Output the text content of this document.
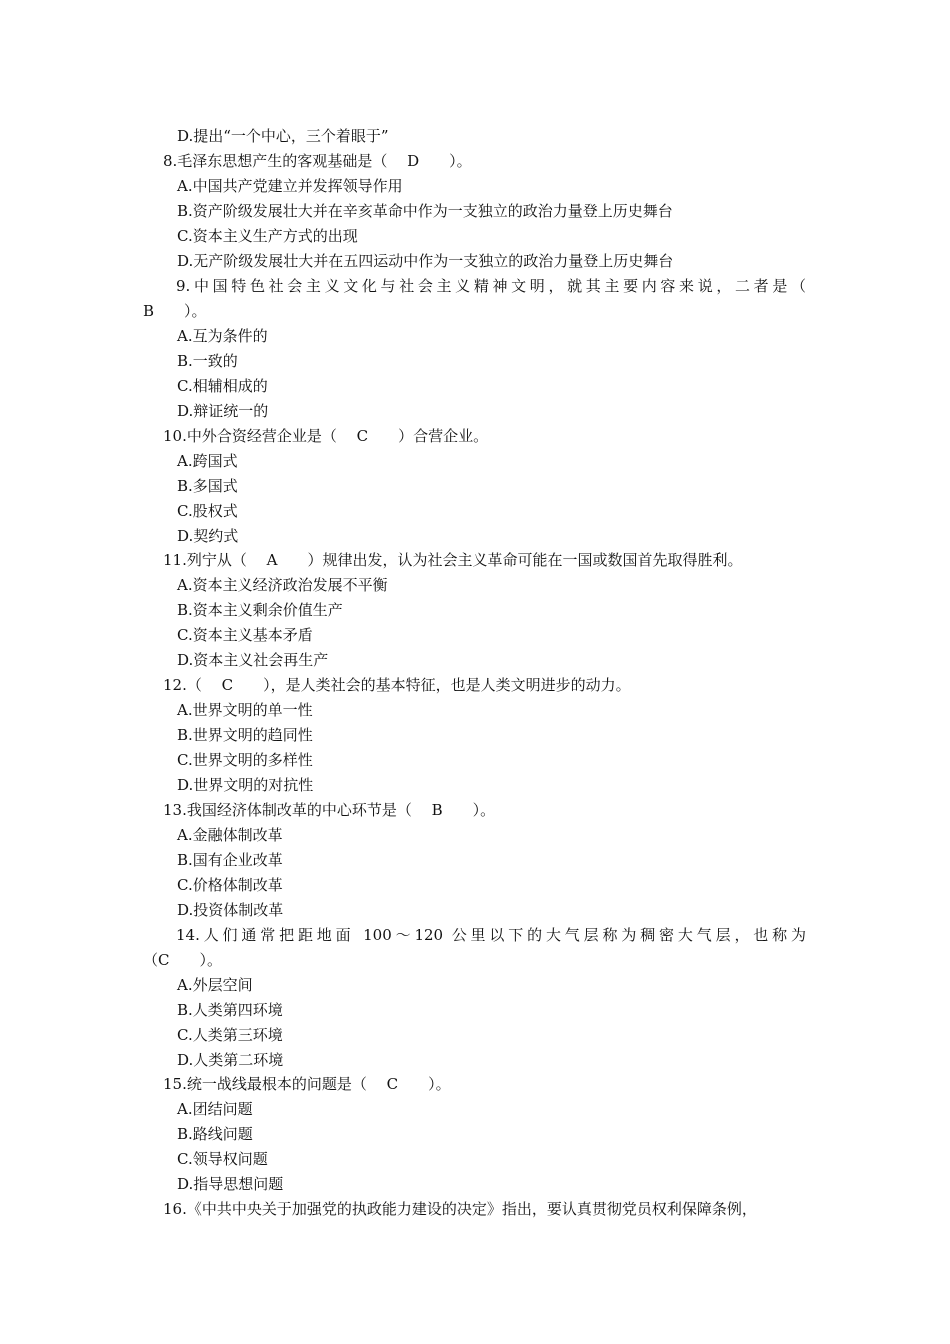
D.提出“一个中心，三个着眼于”
8.毛泽东思想产生的客观基础是（　 D　　）。
A.中国共产党建立并发挥领导作用
B.资产阶级发展壮大并在辛亥革命中作为一支独立的政治力量登上历史舞台
C.资本主义生产方式的出现
D.无产阶级发展壮大并在五四运动中作为一支独立的政治力量登上历史舞台
9.中国特色社会主义文化与社会主义精神文明，就其主要内容来说，二者是（
B　　）。
A.互为条件的
B.一致的
C.相辅相成的
D.辩证统一的
10.中外合资经营企业是（　 C　　）合营企业。
A.跨国式
B.多国式
C.股权式
D.契约式
11.列宁从（　 A　　）规律出发，认为社会主义革命可能在一国或数国首先取得胜利。
A.资本主义经济政治发展不平衡
B.资本主义剩余价值生产
C.资本主义基本矛盾
D.资本主义社会再生产
12.（　 C　　），是人类社会的基本特征，也是人类文明进步的动力。
A.世界文明的单一性
B.世界文明的趋同性
C.世界文明的多样性
D.世界文明的对抗性
13.我国经济体制改革的中心环节是（　 B　　）。
A.金融体制改革
B.国有企业改革
C.价格体制改革
D.投资体制改革
14.人们通常把距地面 100～120 公里以下的大气层称为稠密大气层，也称为
（C　　）。
A.外层空间
B.人类第四环境
C.人类第三环境
D.人类第二环境
15.统一战线最根本的问题是（　 C　　）。
A.团结问题
B.路线问题
C.领导权问题
D.指导思想问题
16.《中共中央关于加强党的执政能力建设的决定》指出，要认真贯彻党员权利保障条例，
